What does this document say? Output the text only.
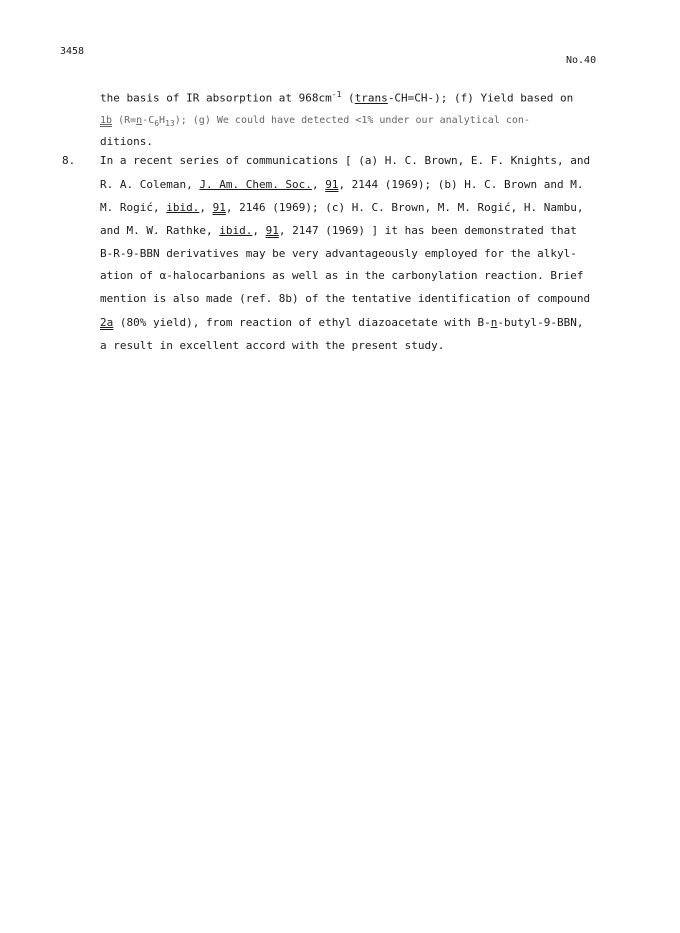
3458
No.40
the basis of IR absorption at $968cm^{-1}$ (trans-CH=CH-); (f) Yield based on
1b $(R=n-C_6H_{13})$; (g) We could have detected <1% under our analytical con-
ditions.
8. In a recent series of communications [ (a) H. C. Brown, E. F. Knights, and
R. A. Coleman, J. Am. Chem. Soc., 91, 2144 (1969); (b) H. C. Brown and M.
M. Rogić, ibid., 91, 2146 (1969); (c) H. C. Brown, M. M. Rogić, H. Nambu,
and M. W. Rathke, ibid., 91, 2147 (1969) ] it has been demonstrated that
B-R-9-BBN derivatives may be very advantageously employed for the alkyl-
ation of α-halocarbanions as well as in the carbonylation reaction. Brief
mention is also made (ref. 8b) of the tentative identification of compound
2a (80% yield), from reaction of ethyl diazoacetate with B-n-butyl-9-BBN,
a result in excellent accord with the present study.
